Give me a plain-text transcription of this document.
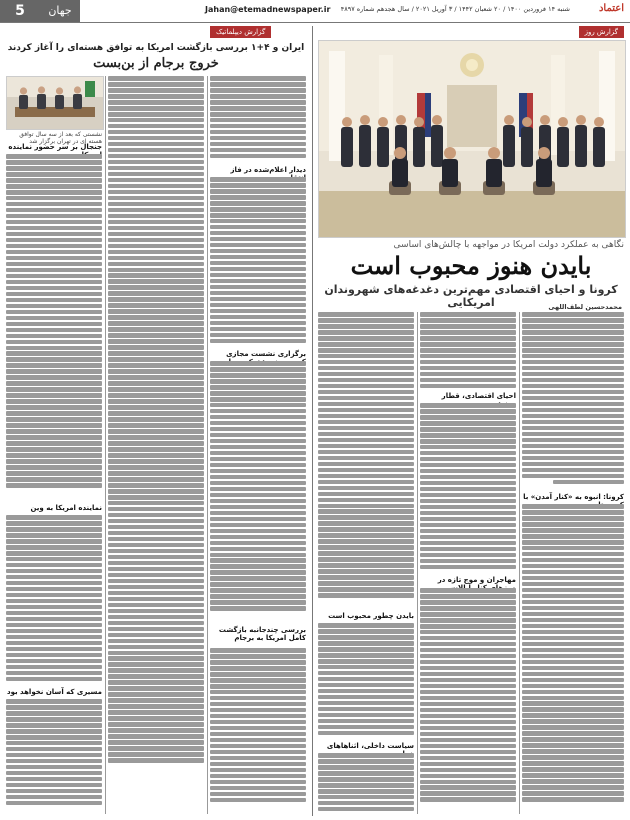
5	جهان	Jahan@etemadnewspaper.ir شنبه ۱۴ فروردین ۱۴۰۰ / ۲۰ شعبان ۱۴۴۲ / ۳ آوریل ۲۰۲۱ / سال هجدهم شماره ۴۸۹۷	اعتماد
گزارش روز
نگاهی به عملکرد دولت امریکا در مواجهه با چالش‌های اساسی
بایدن هنوز محبوب است
کرونا و احیای اقتصادی مهم‌ترین دغدغه‌های شهروندان امریکایی	محمدحسین لطف‌اللهی
کرونا: انبوه به «کنار آمدن» با
احیای اقتصادی، قطار
مهاجران و موج تازه در
بایدن چطور محبوب است
سیاست داخلی، اثنا‌هاهای
گزارش دیپلماتیک
ایران و ۴+۱ بررسی بازگشت امریکا به توافق هسته‌ای را آغاز کردند
خروج برجام از بن‌بست
نشستی که بعد از سه سال توافق هسته ای در تهران برگزار شد
دیدار اعلام‌شده در فاز
برگزاری نشست مجازی
بررسی چندجانبه بازگشت کامل امریکا به برجام
جنجال بر سر حضور نماینده
نماینده امریکا به وین
مسیری که آسان نخواهد بود
